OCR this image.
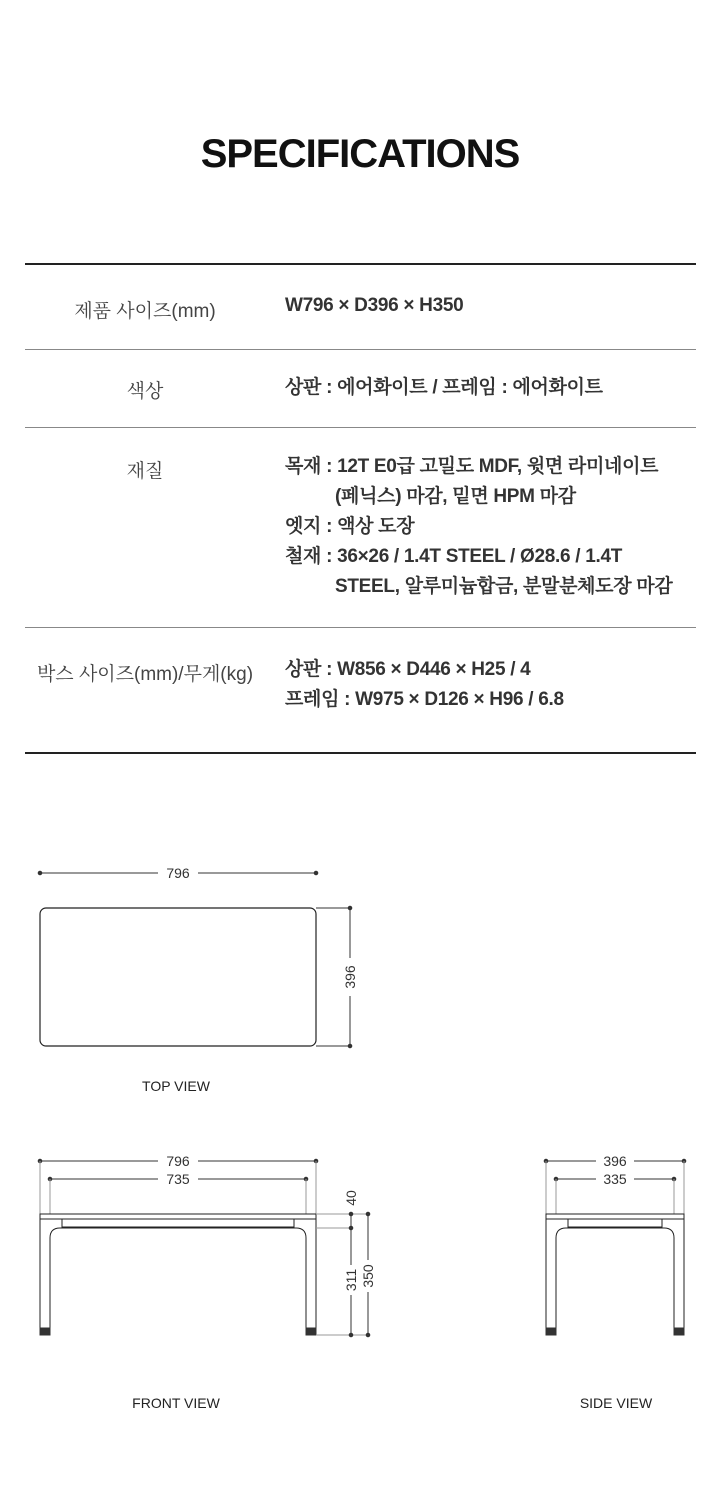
SPECIFICATIONS
제품 사이즈(mm)	W796 × D396 × H350
색상	상판 : 에어화이트 / 프레임 : 에어화이트
재질	목재 : 12T E0급 고밀도 MDF, 윗면 라미네이트
(페닉스) 마감, 밑면 HPM 마감
엣지 : 액상 도장
철재 : 36×26 / 1.4T STEEL / Ø28.6 / 1.4T
STEEL, 알루미늄합금, 분말분체도장 마감
박스 사이즈(mm)/무게(kg)	상판 : W856 × D446 × H25 / 4
프레임 : W975 × D126 × H96 / 6.8
796
396
796
735
40
311 350
396
335
TOP VIEW
FRONT VIEW	SIDE VIEW
